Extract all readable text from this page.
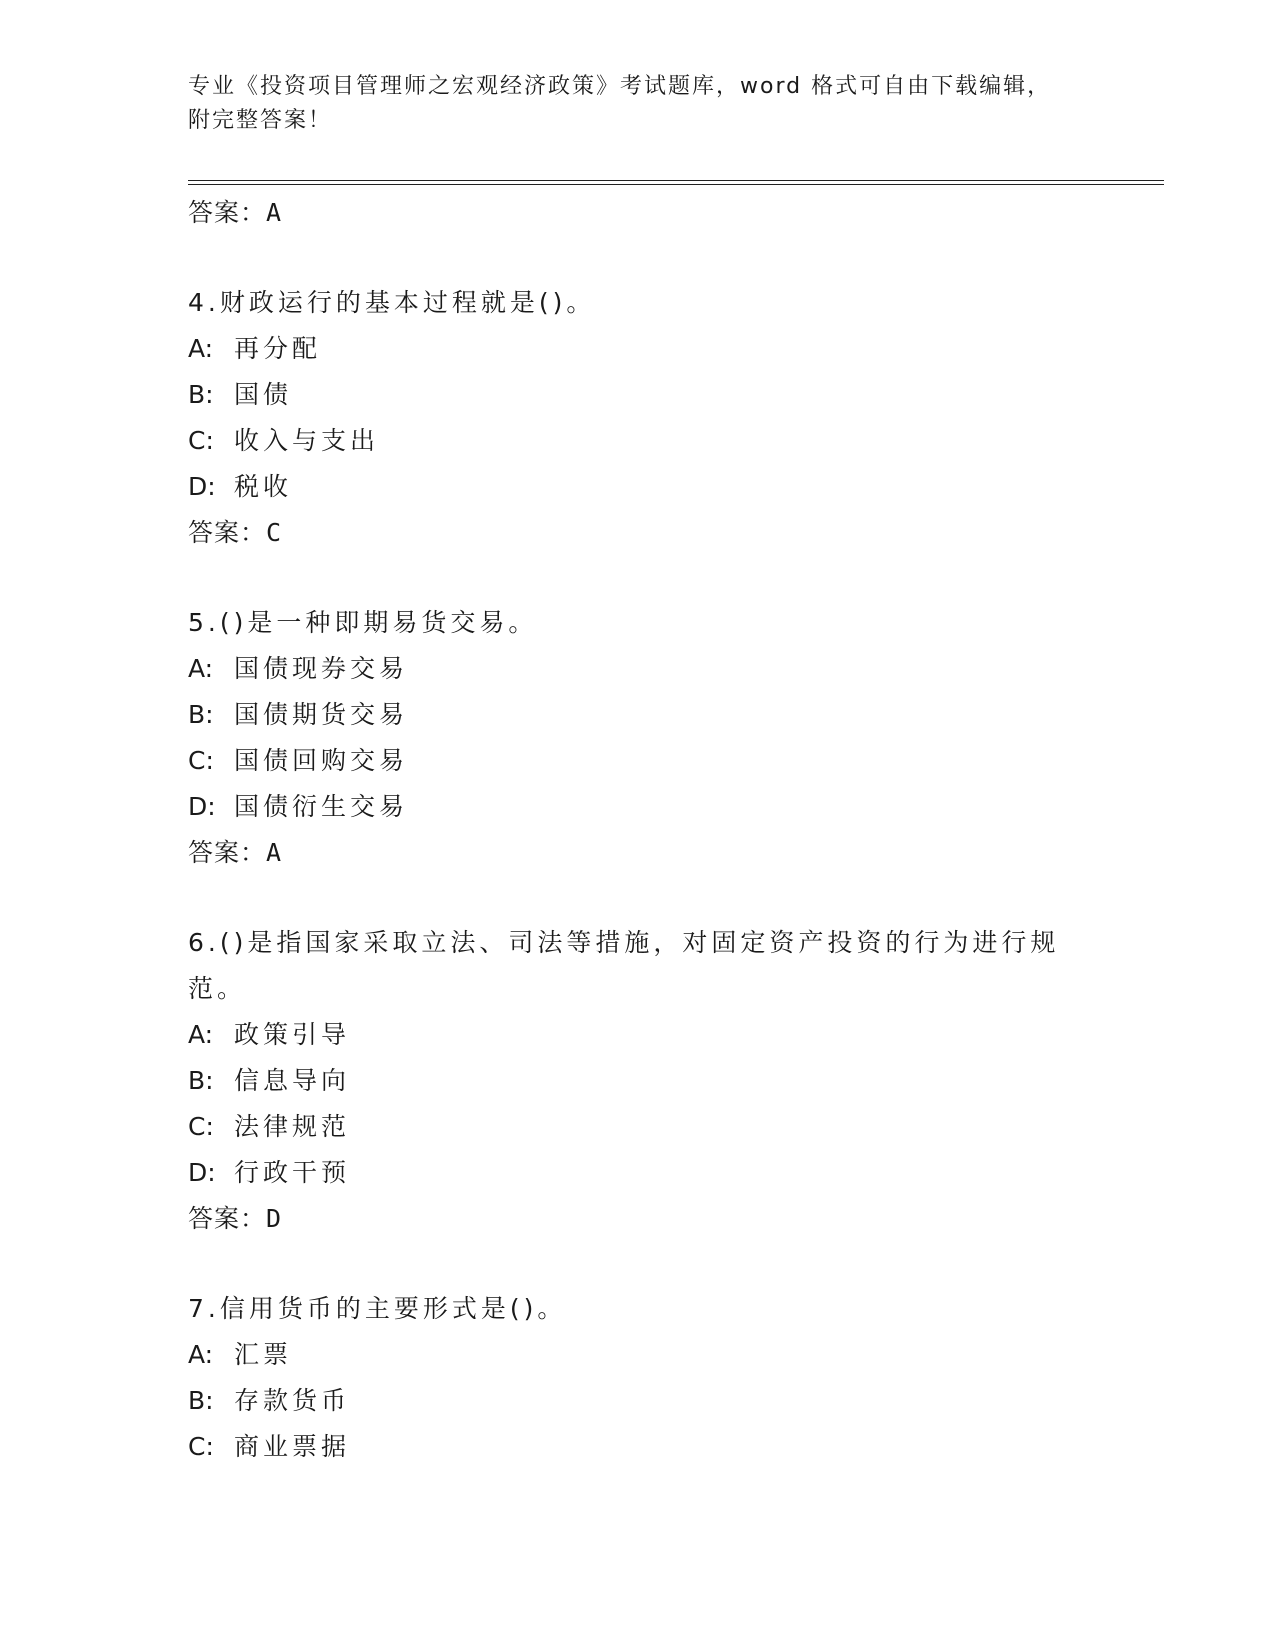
专业《投资项目管理师之宏观经济政策》考试题库，word 格式可自由下载编辑，
附完整答案！
答案：A
4.财政运行的基本过程就是()。
A: 再分配
B: 国债
C: 收入与支出
D: 税收
答案：C
5.()是一种即期易货交易。
A: 国债现券交易
B: 国债期货交易
C: 国债回购交易
D: 国债衍生交易
答案：A
6.()是指国家采取立法、司法等措施，对固定资产投资的行为进行规范。
A: 政策引导
B: 信息导向
C: 法律规范
D: 行政干预
答案：D
7.信用货币的主要形式是()。
A: 汇票
B: 存款货币
C: 商业票据
